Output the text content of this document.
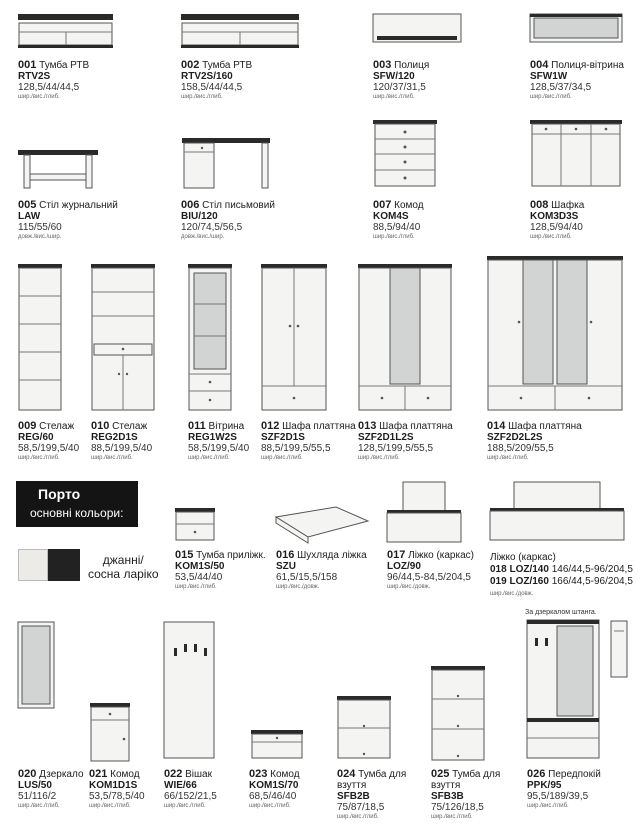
001 Тумба РТВ
RTV2S
128,5/44/44,5
шир./вис./глиб.
002 Тумба РТВ
RTV2S/160
158,5/44/44,5
шир./вис./глиб.
003 Полиця
SFW/120
120/37/31,5
шир./вис./глиб.
004 Полиця-вітрина
SFW1W
128,5/37/34,5
шир./вис./глиб.
005 Стіл журнальний
LAW
115/55/60
довж./вис./шир.
006 Стіл письмовий
BIU/120
120/74,5/56,5
довж./вис./шир.
007 Комод
KOM4S
88,5/94/40
шир./вис./глиб.
008 Шафка
KOM3D3S
128,5/94/40
шир./вис./глиб.
009 Стелаж
REG/60
58,5/199,5/40
шир./вис./глиб.
010 Стелаж
REG2D1S
88,5/199,5/40
шир./вис./глиб.
011 Вітрина
REG1W2S
58,5/199,5/40
шир./вис./глиб.
012 Шафа платтяна
SZF2D1S
88,5/199,5/55,5
шир./вис./глиб.
013 Шафа платтяна
SZF2D1L2S
128,5/199,5/55,5
шир./вис./глиб.
014 Шафа платтяна
SZF2D2L2S
188,5/209/55,5
шир./вис./глиб.
Порто
основні кольори:
джанні/
сосна ларіко
015 Тумба приліжк.
KOM1S/50
53,5/44/40
шир./вис./глиб.
016 Шухляда ліжка
SZU
61,5/15,5/158
шир./вис./довж.
017 Ліжко (каркас)
LOZ/90
96/44,5-84,5/204,5
шир./вис./довж.
Ліжко (каркас)
018 LOZ/140 146/44,5-96/204,5
019 LOZ/160 166/44,5-96/204,5
шир./вис./довж.
За дзеркалом штанга.
020 Дзеркало
LUS/50
51/116/2
шир./вис./глиб.
021 Комод
KOM1D1S
53,5/78,5/40
шир./вис./глиб.
022 Вішак
WIE/66
66/152/21,5
шир./вис./глиб.
023 Комод
KOM1S/70
68,5/46/40
шир./вис./глиб.
024 Тумба для взуття
SFB2B
75/87/18,5
шир./вис./глиб.
025 Тумба для взуття
SFB3B
75/126/18,5
шир./вис./глиб.
026 Передпокій
PPK/95
95,5/189/39,5
шир./вис./глиб.
